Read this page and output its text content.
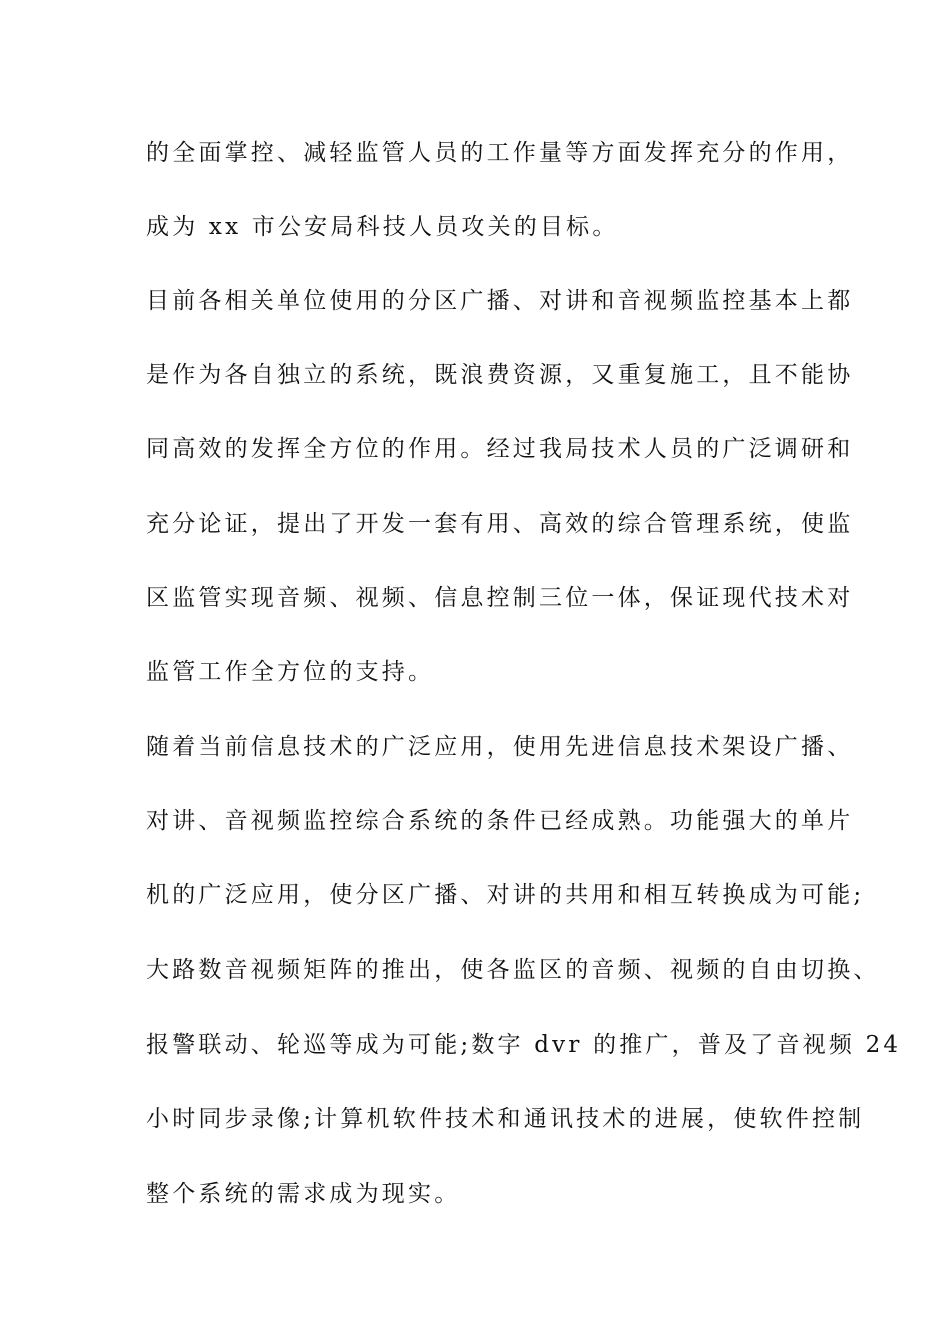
的全面掌控、减轻监管人员的工作量等方面发挥充分的作用，
成为 xx 市公安局科技人员攻关的目标。
目前各相关单位使用的分区广播、对讲和音视频监控基本上都
是作为各自独立的系统，既浪费资源，又重复施工，且不能协
同高效的发挥全方位的作用。经过我局技术人员的广泛调研和
充分论证，提出了开发一套有用、高效的综合管理系统，使监
区监管实现音频、视频、信息控制三位一体，保证现代技术对
监管工作全方位的支持。
随着当前信息技术的广泛应用，使用先进信息技术架设广播、
对讲、音视频监控综合系统的条件已经成熟。功能强大的单片
机的广泛应用，使分区广播、对讲的共用和相互转换成为可能;
大路数音视频矩阵的推出，使各监区的音频、视频的自由切换、
报警联动、轮巡等成为可能;数字 dvr 的推广，普及了音视频 24
小时同步录像;计算机软件技术和通讯技术的进展，使软件控制
整个系统的需求成为现实。
